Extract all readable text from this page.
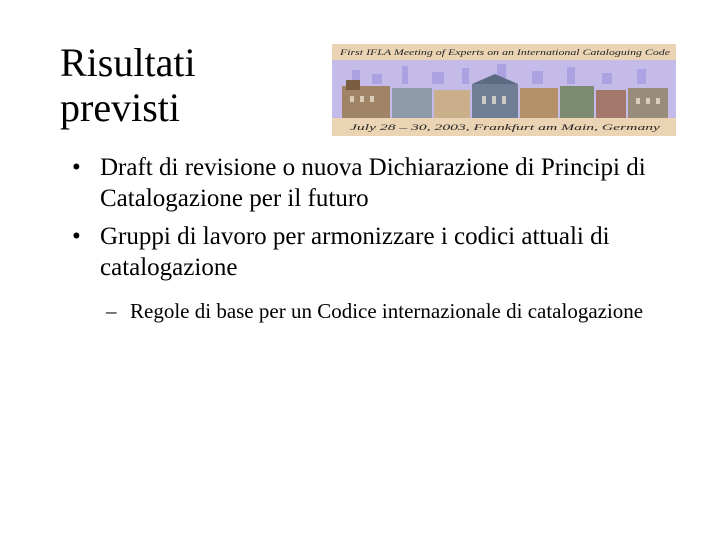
Risultati
previsti
First IFLA Meeting of Experts on an International Cataloguing Code
July 28 – 30, 2003, Frankfurt am Main, Germany
• Draft di revisione o nuova Dichiarazione di Principi di Catalogazione per il futuro
• Gruppi di lavoro per armonizzare i codici attuali di catalogazione
– Regole di base per un Codice internazionale di catalogazione
